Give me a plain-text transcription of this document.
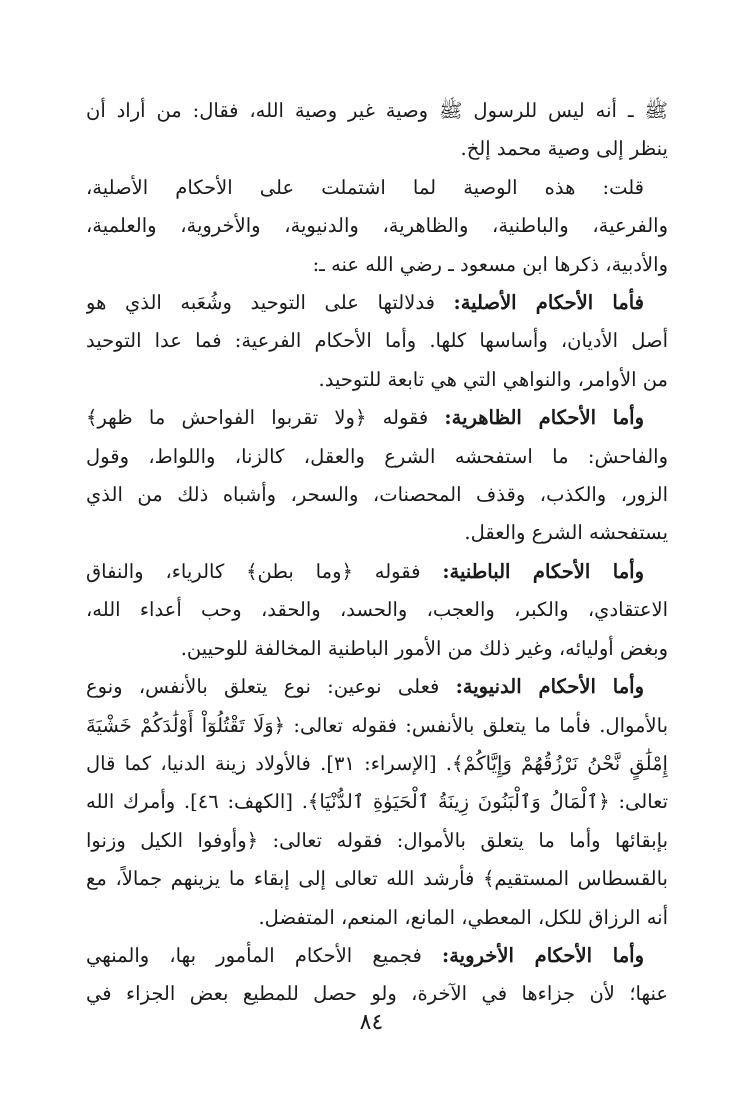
ﷺ ـ أنه ليس للرسول ﷺ وصية غير وصية الله، فقال: من أراد أن
ينظر إلى وصية محمد إلخ.

قلت: هذه الوصية لما اشتملت على الأحكام الأصلية،
والفرعية، والباطنية، والظاهرية، والدنيوية، والأخروية، والعلمية،
والأدبية، ذكرها ابن مسعود ـ رضي الله عنه ـ:

فأما الأحكام الأصلية: فدلالتها على التوحيد وشُعَبه الذي هو
أصل الأديان، وأساسها كلها. وأما الأحكام الفرعية: فما عدا التوحيد
من الأوامر، والنواهي التي هي تابعة للتوحيد.

وأما الأحكام الظاهرية: فقوله ﴿ولا تقربوا الفواحش ما ظهر﴾
والفاحش: ما استفحشه الشرع والعقل، كالزنا، واللواط، وقول
الزور، والكذب، وقذف المحصنات، والسحر، وأشباه ذلك من الذي
يستفحشه الشرع والعقل.

وأما الأحكام الباطنية: فقوله ﴿وما بطن﴾ كالرياء، والنفاق
الاعتقادي، والكبر، والعجب، والحسد، والحقد، وحب أعداء الله،
وبغض أوليائه، وغير ذلك من الأمور الباطنية المخالفة للوحيين.

وأما الأحكام الدنيوية: فعلى نوعين: نوع يتعلق بالأنفس، ونوع
بالأموال. فأما ما يتعلق بالأنفس: فقوله تعالى: ﴿وَلَا تَقْتُلُوٓاْ أَوْلَٰدَكُمْ خَشْيَةَ
إِمْلَٰقٍ نَّحْنُ نَرْزُقُهُمْ وَإِيَّاكُمْ﴾. [الإسراء: ٣١]. فالأولاد زينة الدنيا، كما قال
تعالى: ﴿ٱلْمَالُ وَٱلْبَنُونَ زِينَةُ ٱلْحَيَوٰةِ ٱلدُّنْيَا﴾. [الكهف: ٤٦]. وأمرك الله
بإبقائها وأما ما يتعلق بالأموال: فقوله تعالى: ﴿وأوفوا الكيل وزنوا
بالقسطاس المستقيم﴾ فأرشد الله تعالى إلى إبقاء ما يزينهم جمالاً، مع
أنه الرزاق للكل، المعطي، المانع، المنعم، المتفضل.

وأما الأحكام الأخروية: فجميع الأحكام المأمور بها، والمنهي
عنها؛ لأن جزاءها في الآخرة، ولو حصل للمطيع بعض الجزاء في

٨٤
